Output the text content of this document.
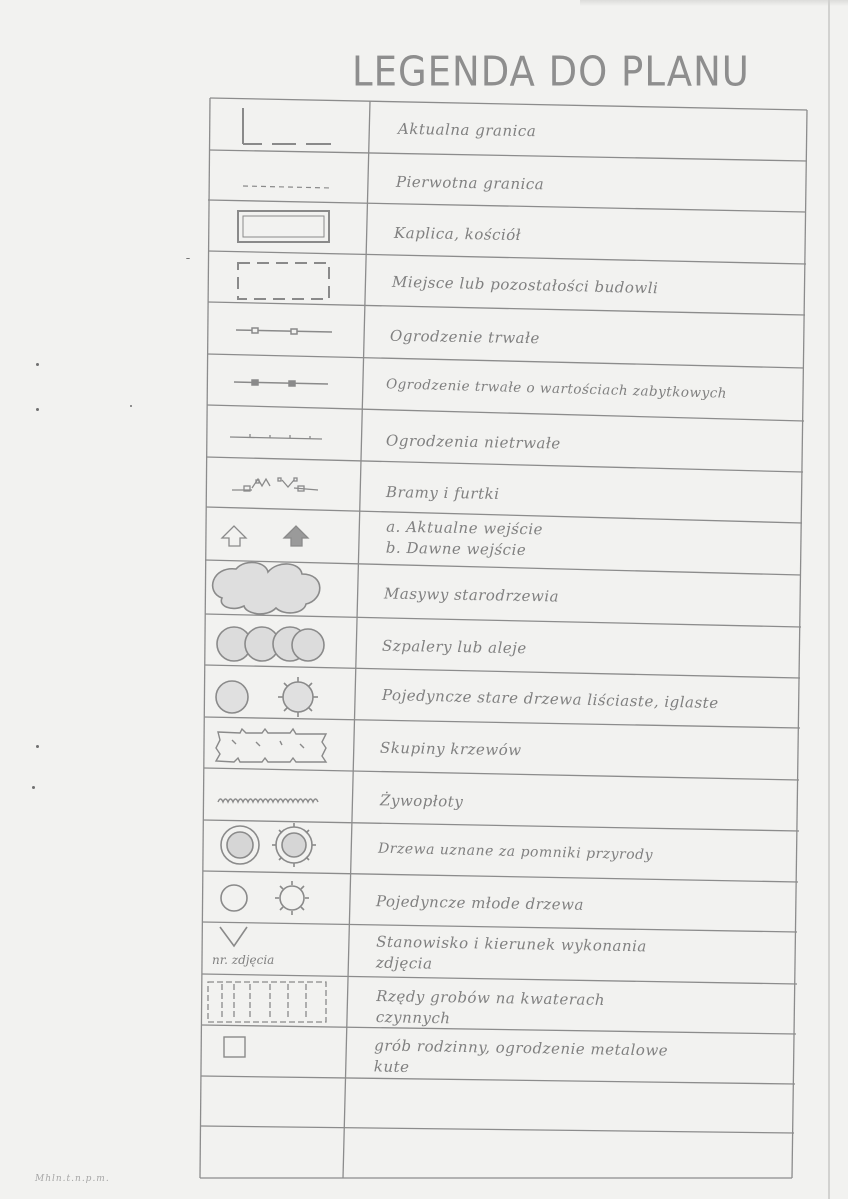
LEGENDA DO PLANU
Aktualna granica
Pierwotna granica
Kaplica, kościół
Miejsce lub pozostałości budowli
Ogrodzenie trwałe
Ogrodzenie trwałe o wartościach zabytkowych
Ogrodzenia nietrwałe
Bramy i furtki
a. Aktualne wejście
b. Dawne wejście
Masywy starodrzewia
Szpalery lub aleje
Pojedyncze stare drzewa liściaste, iglaste
Skupiny krzewów
Żywopłoty
Drzewa uznane za pomniki przyrody
Pojedyncze młode drzewa
Stanowisko i kierunek wykonania
zdjęcia
Rzędy grobów na kwaterach
czynnych
grób rodzinny, ogrodzenie metalowe
kute
nr. zdjęcia
Mhln.t.n.p.m.
